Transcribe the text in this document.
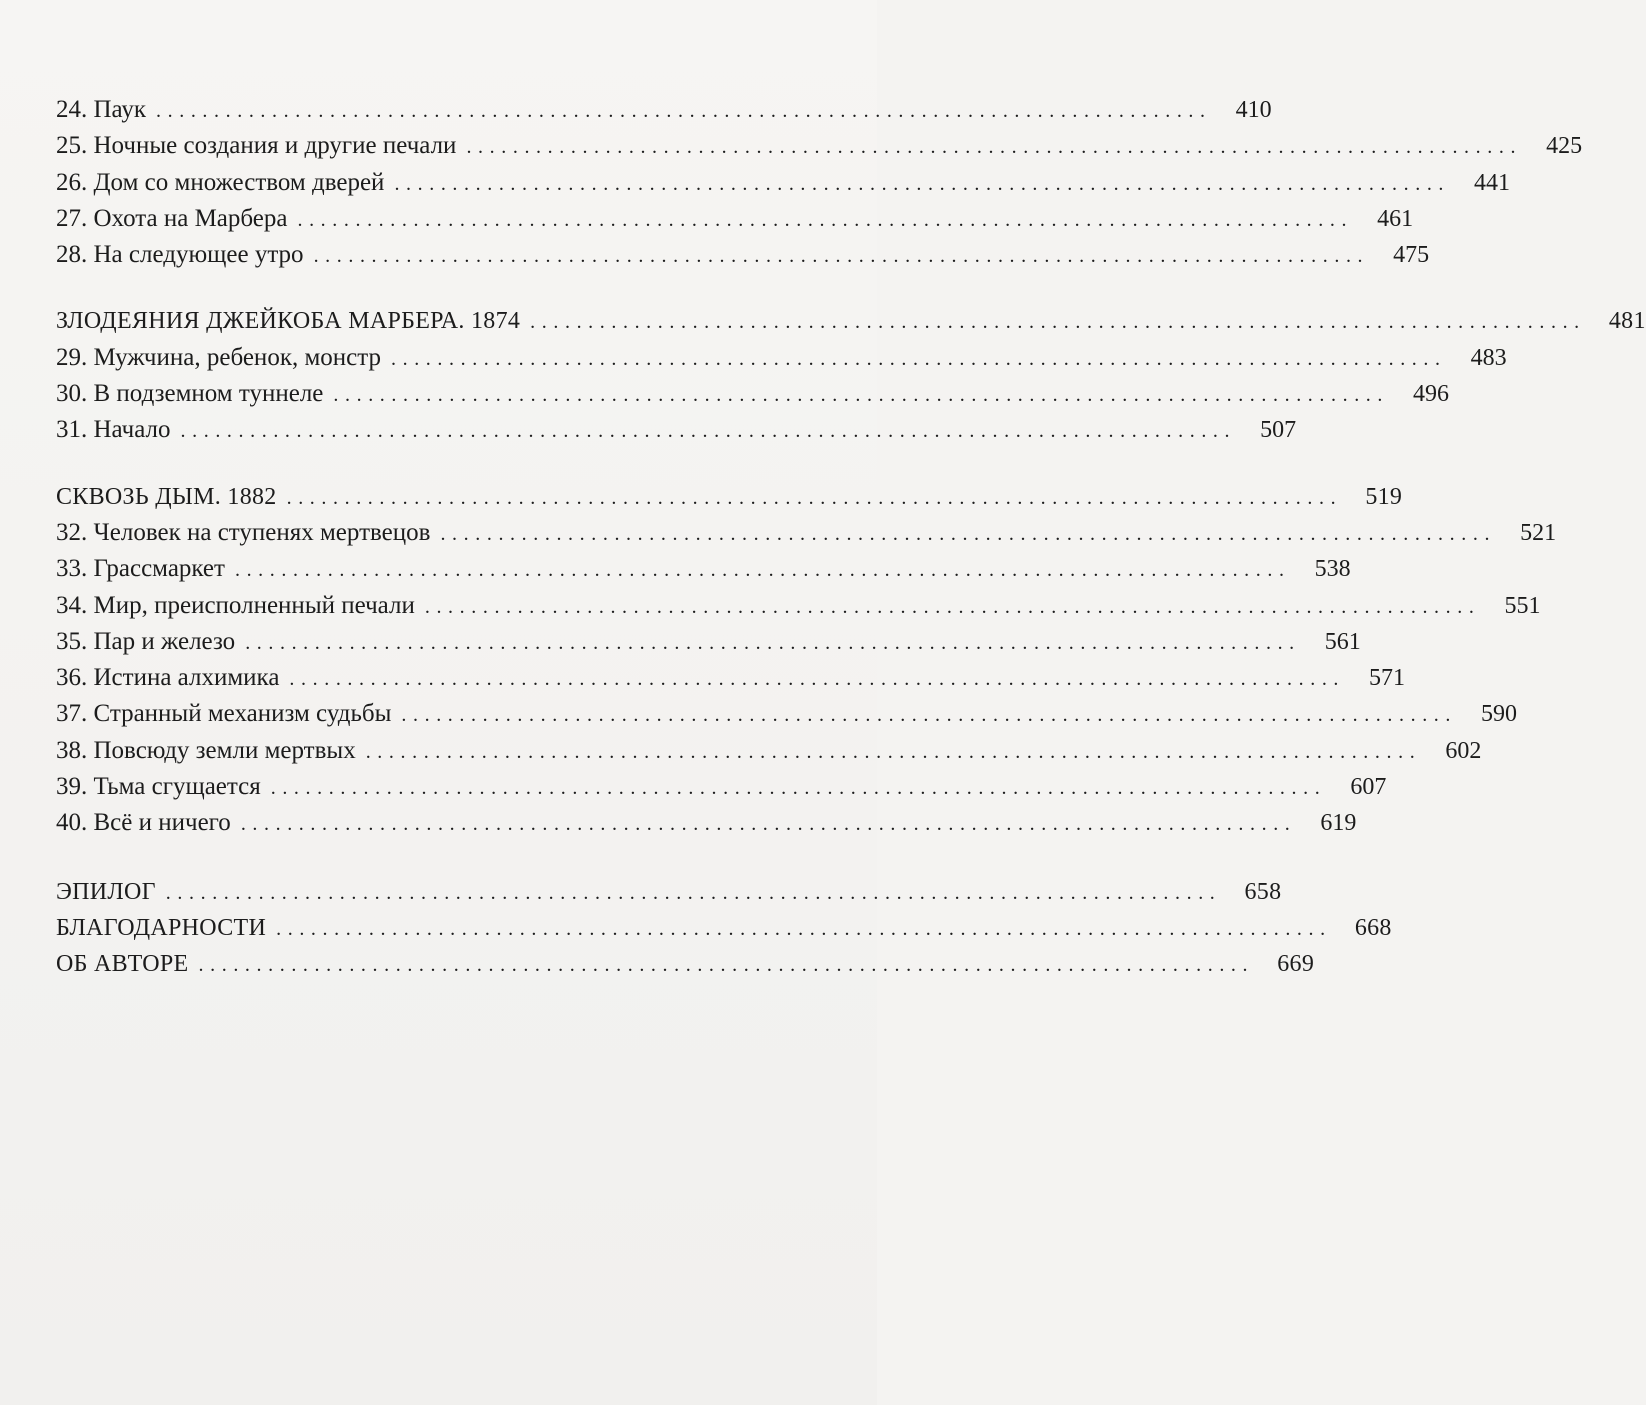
24. Паук ...........................................................................................	410
25. Ночные создания и другие печали ...........................................................................................	425
26. Дом со множеством дверей ...........................................................................................	441
27. Охота на Марбера ...........................................................................................	461
28. На следующее утро ...........................................................................................	475
ЗЛОДЕЯНИЯ ДЖЕЙКОБА МАРБЕРА. 1874 ........................................................................................... 481
29. Мужчина, ребенок, монстр ...........................................................................................	483
30. В подземном туннеле ...........................................................................................	496
31. Начало ...........................................................................................	507
СКВОЗЬ ДЫМ. 1882 ........................................................................................... 519
32. Человек на ступенях мертвецов ...........................................................................................	521
33. Грассмаркет ...........................................................................................	538
34. Мир, преисполненный печали ...........................................................................................	551
35. Пар и железо ...........................................................................................	561
36. Истина алхимика ...........................................................................................	571
37. Странный механизм судьбы ...........................................................................................	590
38. Повсюду земли мертвых ...........................................................................................	602
39. Тьма сгущается ...........................................................................................	607
40. Всё и ничего ...........................................................................................	619
ЭПИЛОГ ........................................................................................... 658
БЛАГОДАРНОСТИ ........................................................................................... 668
ОБ АВТОРЕ ........................................................................................... 669
